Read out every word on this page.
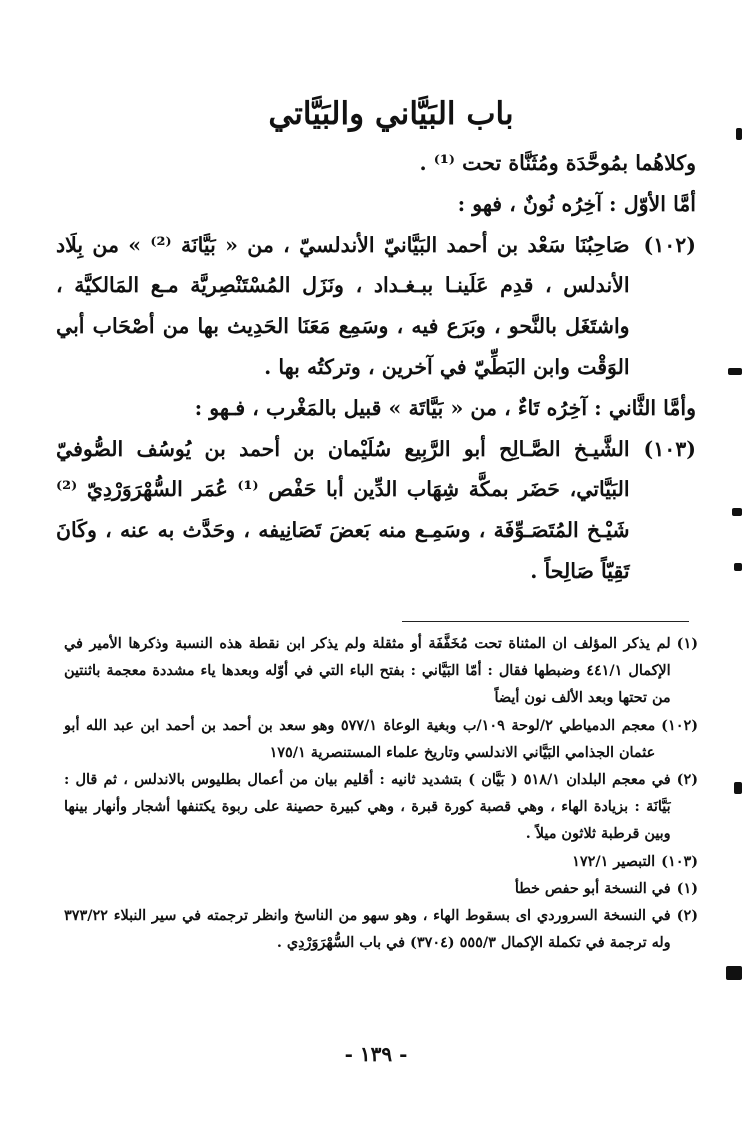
باب البَيَّاني والبَيَّاتي

وكلاهُما بمُوحَّدَة ومُثَنَّاة تحت ⁽¹⁾ .

أمَّا الأوّل : آخِرُه نُونٌ ، فهو :

(١٠٢)
صَاحِبُنَا سَعْد بن أحمد البَيَّانيّ الأندلسيّ ، من « بَيَّانَة ⁽²⁾ » من بِلَاد الأندلس ، قدِم عَلَينـا ببـغـداد ، ونَزَل المُسْتَنْصِريَّة مـع المَالكيَّة ، واشتَغَل بالنَّحو ، وبَرَع فيه ، وسَمِع مَعَنَا الحَدِيث بها من أصْحَاب أبي الوَقْت وابن البَطِّيّ في آخرين ، وتركتُه بها .

وأمَّا الثَّاني : آخِرُه تَاءٌ ، من « بَيَّاتَة » قبيل بالمَغْرب ، فـهو :

(١٠٣)
الشَّيـخ الصَّـالِح أبو الرَّبِيع سُلَيْمان بن أحمد بن يُوسُف الصُّوفيّ البَيَّاتي، حَضَر بمكَّة شِهَاب الدِّين أبا حَفْص ⁽¹⁾ عُمَر السُّهْرَوَرْدِيّ ⁽²⁾ شَيْـخ المُتَصَـوِّفَة ، وسَمِـع منه بَعضَ تَصَانِيفه ، وحَدَّث به عنه ، وكَانَ تَقِيّاً صَالِحاً .
(١)
لم يذكر المؤلف ان المثناة تحت مُخَفَّفَة أو مثقلة ولم يذكر ابن نقطة هذه النسبة وذكرها الأمير في الإكمال ٤٤١/١ وضبطها فقال : أمّا البَيَّاني : بفتح الباء التي في أوّله وبعدها ياء مشددة معجمة باثنتين من تحتها وبعد الألف نون أيضاً
(١٠٢)
معجم الدمياطي ٢/لوحة ١٠٩/ب وبغية الوعاة ٥٧٧/١ وهو سعد بن أحمد بن أحمد ابن عبد الله أبو عثمان الجذامي البَيَّاني الاندلسي وتاريخ علماء المستنصرية ١٧٥/١
(٢)
في معجم البلدان ٥١٨/١ ( بَيَّان ) بتشديد ثانيه : أقليم بيان من أعمال بطليوس بالاندلس ، ثم قال : بَيَّانَة : بزيادة الهاء ، وهي قصبة كورة قبرة ، وهي كبيرة حصينة على ربوة يكتنفها أشجار وأنهار بينها وبين قرطبة ثلاثون ميلاً .
(١٠٣)
التبصير ١٧٢/١
(١)
في النسخة أبو حفص خطأ
(٢)
في النسخة السروردي اى بسقوط الهاء ، وهو سهو من الناسخ وانظر ترجمته في سير النبلاء ٣٧٣/٢٢ وله ترجمة في تكملة الإكمال ٥٥٥/٣ (٣٧٠٤) في باب السُّهْرَوَرْدِي .
- ١٣٩ -
